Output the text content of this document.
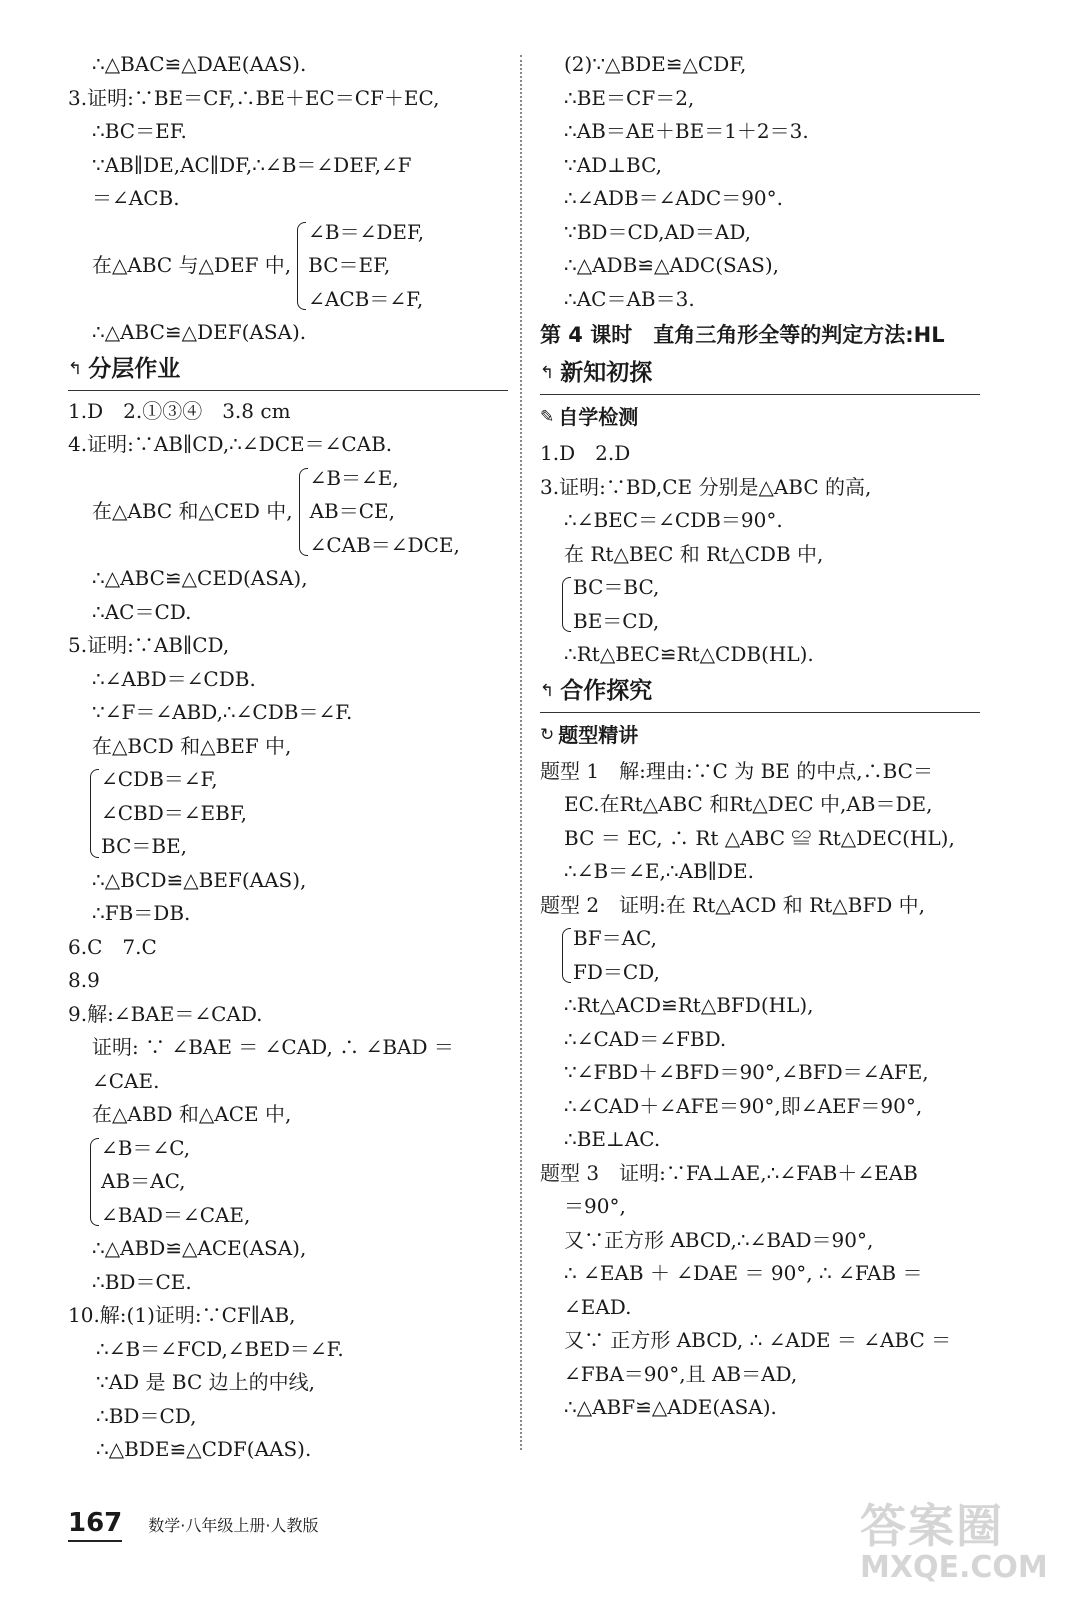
∴△BAC≌△DAE(AAS).
3.证明:∵BE＝CF,∴BE＋EC＝CF＋EC,
∴BC＝EF.
∵AB∥DE,AC∥DF,∴∠B＝∠DEF,∠F
＝∠ACB.
在△ABC 与△DEF 中,
∠B＝∠DEF,
BC＝EF,
∠ACB＝∠F,
∴△ABC≌△DEF(ASA).
↰ 分层作业
1.D　2.①③④　3.8 cm
4.证明:∵AB∥CD,∴∠DCE＝∠CAB.
在△ABC 和△CED 中,
∠B＝∠E,
AB＝CE,
∠CAB＝∠DCE,
∴△ABC≌△CED(ASA),
∴AC＝CD.
5.证明:∵AB∥CD,
∴∠ABD＝∠CDB.
∵∠F＝∠ABD,∴∠CDB＝∠F.
在△BCD 和△BEF 中,
∠CDB＝∠F,
∠CBD＝∠EBF,
BC＝BE,
∴△BCD≌△BEF(AAS),
∴FB＝DB.
6.C　7.C
8.9
9.解:∠BAE＝∠CAD.
证明: ∵ ∠BAE ＝ ∠CAD, ∴ ∠BAD ＝
∠CAE.
在△ABD 和△ACE 中,
∠B＝∠C,
AB＝AC,
∠BAD＝∠CAE,
∴△ABD≌△ACE(ASA),
∴BD＝CE.
10.解:(1)证明:∵CF∥AB,
∴∠B＝∠FCD,∠BED＝∠F.
∵AD 是 BC 边上的中线,
∴BD＝CD,
∴△BDE≌△CDF(AAS).
(2)∵△BDE≌△CDF,
∴BE＝CF＝2,
∴AB＝AE＋BE＝1＋2＝3.
∵AD⊥BC,
∴∠ADB＝∠ADC＝90°.
∵BD＝CD,AD＝AD,
∴△ADB≌△ADC(SAS),
∴AC＝AB＝3.
第 4 课时　直角三角形全等的判定方法:HL
↰ 新知初探
✎ 自学检测
1.D　2.D
3.证明:∵BD,CE 分别是△ABC 的高,
∴∠BEC＝∠CDB＝90°.
在 Rt△BEC 和 Rt△CDB 中,
BC＝BC,
BE＝CD,
∴Rt△BEC≌Rt△CDB(HL).
↰ 合作探究
↻ 题型精讲
题型 1　解:理由:∵C 为 BE 的中点,∴BC＝
EC.在Rt△ABC 和Rt△DEC 中,AB＝DE,
BC ＝ EC, ∴ Rt △ABC ≌ Rt△DEC(HL),
∴∠B＝∠E,∴AB∥DE.
题型 2　证明:在 Rt△ACD 和 Rt△BFD 中,
BF＝AC,
FD＝CD,
∴Rt△ACD≌Rt△BFD(HL),
∴∠CAD＝∠FBD.
∵∠FBD＋∠BFD＝90°,∠BFD＝∠AFE,
∴∠CAD＋∠AFE＝90°,即∠AEF＝90°,
∴BE⊥AC.
题型 3　证明:∵FA⊥AE,∴∠FAB＋∠EAB
＝90°,
又∵正方形 ABCD,∴∠BAD＝90°,
∴ ∠EAB ＋ ∠DAE ＝ 90°, ∴ ∠FAB ＝
∠EAD.
又∵ 正方形 ABCD, ∴ ∠ADE ＝ ∠ABC ＝
∠FBA＝90°,且 AB＝AD,
∴△ABF≌△ADE(ASA).
167 数学·八年级上册·人教版	答案圈
MXQE.COM
